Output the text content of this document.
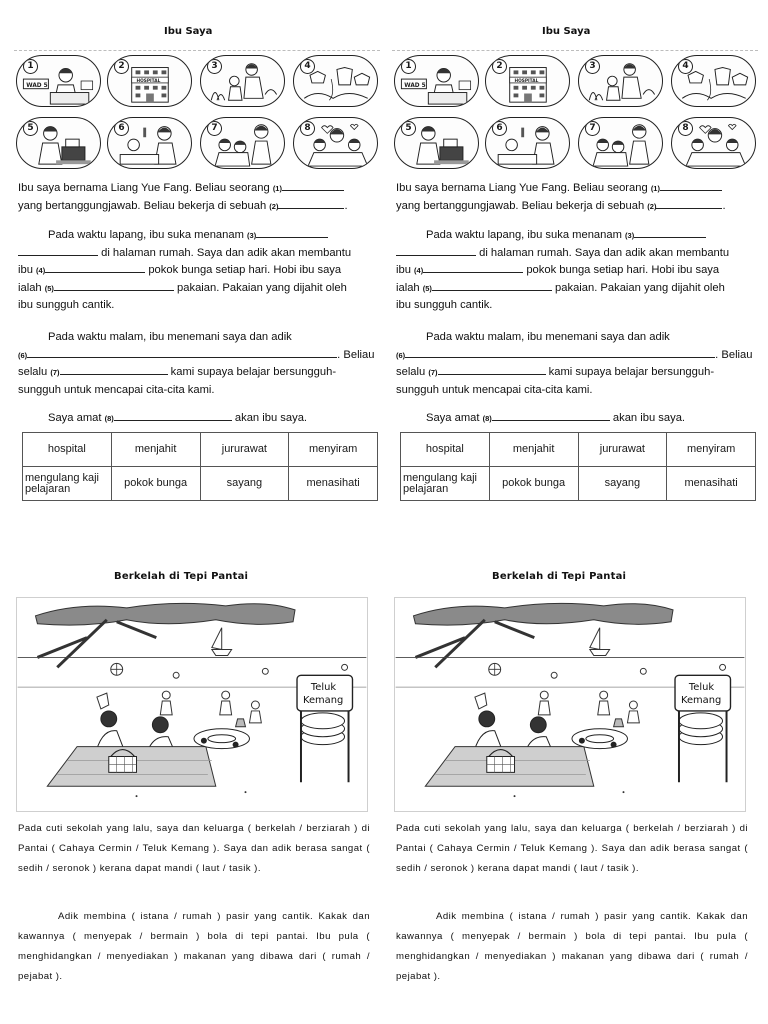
Ibu Saya
WAD 5
1
HOSPITAL
2	3	4
5	6	7	8
Ibu saya bernama Liang Yue Fang. Beliau seorang (1)
yang bertanggungjawab. Beliau bekerja di sebuah (2)	.
Pada waktu lapang, ibu suka menanam (3)
di halaman rumah. Saya dan adik akan membantu
ibu (4)	pokok bunga setiap hari. Hobi ibu saya
ialah (5)	pakaian. Pakaian yang dijahit oleh
ibu sungguh cantik.
Pada waktu malam, ibu menemani saya dan adik
(6)	. Beliau
selalu (7)	kami supaya belajar bersungguh-
sungguh untuk mencapai cita-cita kami.
Saya amat (8)	akan ibu saya.
hospital	menjahit	jururawat	menyiram
mengulang kaji pelajaran	pokok bunga	sayang	menasihati
Ibu Saya
WAD 5
1
HOSPITAL
2	3	4
5	6	7	8
Ibu saya bernama Liang Yue Fang. Beliau seorang (1)
yang bertanggungjawab. Beliau bekerja di sebuah (2)	.
Pada waktu lapang, ibu suka menanam (3)
di halaman rumah. Saya dan adik akan membantu
ibu (4)	pokok bunga setiap hari. Hobi ibu saya
ialah (5)	pakaian. Pakaian yang dijahit oleh
ibu sungguh cantik.
Pada waktu malam, ibu menemani saya dan adik
(6)	. Beliau
selalu (7)	kami supaya belajar bersungguh-
sungguh untuk mencapai cita-cita kami.
Saya amat (8)	akan ibu saya.
hospital	menjahit	jururawat	menyiram
mengulang kaji pelajaran	pokok bunga	sayang	menasihati
Berkelah di Tepi Pantai
Teluk
Kemang
Pada cuti sekolah yang lalu, saya dan keluarga ( berkelah / berziarah ) di Pantai ( Cahaya Cermin / Teluk Kemang ). Saya dan adik berasa sangat ( sedih / seronok ) kerana dapat mandi ( laut / tasik ).
Adik membina ( istana / rumah ) pasir yang cantik. Kakak dan kawannya ( menyepak / bermain ) bola di tepi pantai. Ibu pula ( menghidangkan / menyediakan ) makanan yang dibawa dari ( rumah / pejabat ).
Berkelah di Tepi Pantai
Teluk
Kemang
Pada cuti sekolah yang lalu, saya dan keluarga ( berkelah / berziarah ) di Pantai ( Cahaya Cermin / Teluk Kemang ). Saya dan adik berasa sangat ( sedih / seronok ) kerana dapat mandi ( laut / tasik ).
Adik membina ( istana / rumah ) pasir yang cantik. Kakak dan kawannya ( menyepak / bermain ) bola di tepi pantai. Ibu pula ( menghidangkan / menyediakan ) makanan yang dibawa dari ( rumah / pejabat ).
